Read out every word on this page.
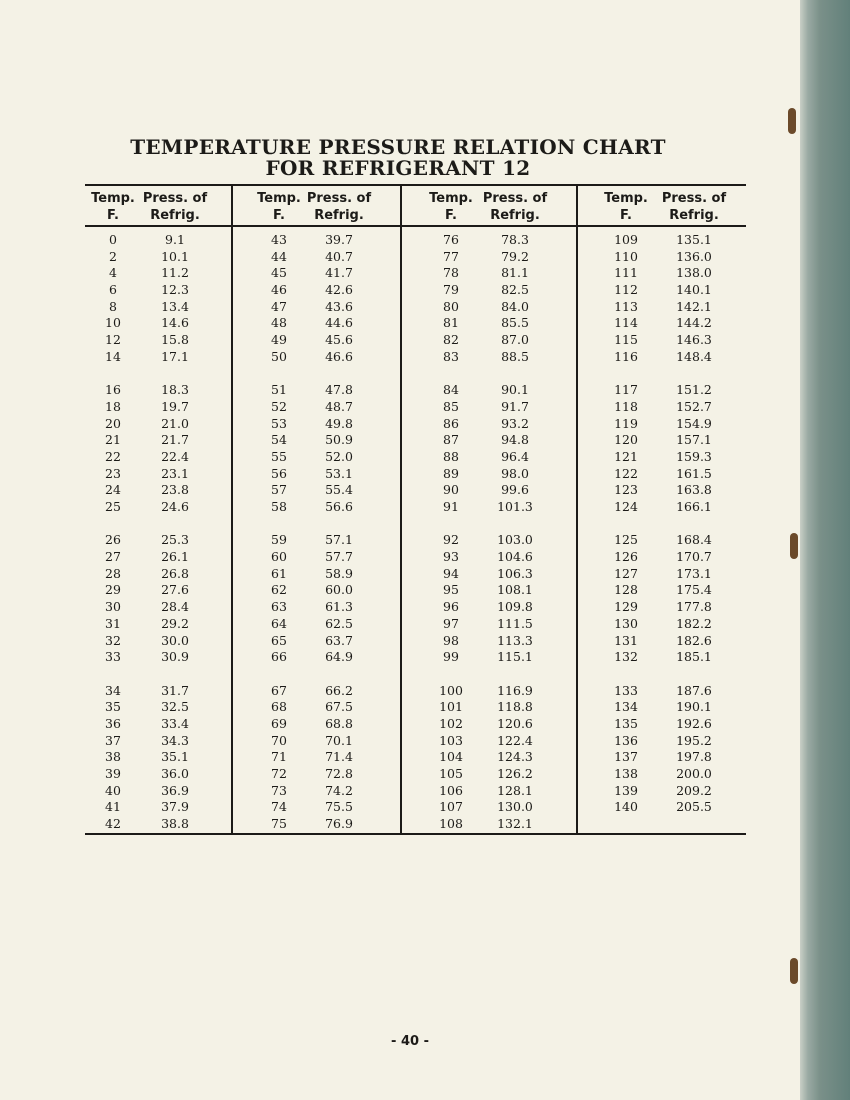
TEMPERATURE PRESSURE RELATION CHART
FOR REFRIGERANT 12
Temp.
F.
Press. of
Refrig.
0
2
4
6
8
10
12
14
16
18
20
21
22
23
24
25
26
27
28
29
30
31
32
33
34
35
36
37
38
39
40
41
42
9.1
10.1
11.2
12.3
13.4
14.6
15.8
17.1
18.3
19.7
21.0
21.7
22.4
23.1
23.8
24.6
25.3
26.1
26.8
27.6
28.4
29.2
30.0
30.9
31.7
32.5
33.4
34.3
35.1
36.0
36.9
37.9
38.8
Temp.
F.
Press. of
Refrig.
43
44
45
46
47
48
49
50
51
52
53
54
55
56
57
58
59
60
61
62
63
64
65
66
67
68
69
70
71
72
73
74
75
39.7
40.7
41.7
42.6
43.6
44.6
45.6
46.6
47.8
48.7
49.8
50.9
52.0
53.1
55.4
56.6
57.1
57.7
58.9
60.0
61.3
62.5
63.7
64.9
66.2
67.5
68.8
70.1
71.4
72.8
74.2
75.5
76.9
Temp.
F.
Press. of
Refrig.
76
77
78
79
80
81
82
83
84
85
86
87
88
89
90
91
92
93
94
95
96
97
98
99
100
101
102
103
104
105
106
107
108
78.3
79.2
81.1
82.5
84.0
85.5
87.0
88.5
90.1
91.7
93.2
94.8
96.4
98.0
99.6
101.3
103.0
104.6
106.3
108.1
109.8
111.5
113.3
115.1
116.9
118.8
120.6
122.4
124.3
126.2
128.1
130.0
132.1
Temp.
F.
Press. of
Refrig.
109
110
111
112
113
114
115
116
117
118
119
120
121
122
123
124
125
126
127
128
129
130
131
132
133
134
135
136
137
138
139
140
135.1
136.0
138.0
140.1
142.1
144.2
146.3
148.4
151.2
152.7
154.9
157.1
159.3
161.5
163.8
166.1
168.4
170.7
173.1
175.4
177.8
182.2
182.6
185.1
187.6
190.1
192.6
195.2
197.8
200.0
209.2
205.5
- 40 -
